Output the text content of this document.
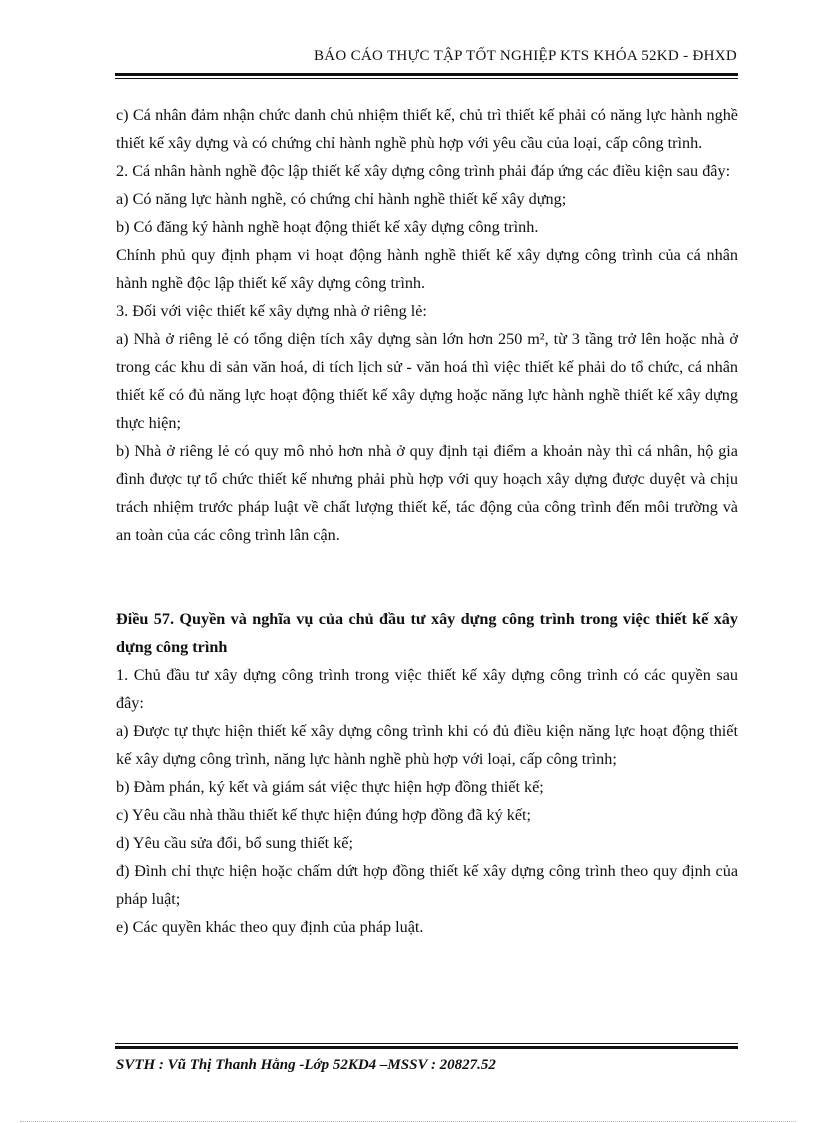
BÁO CÁO THỰC TẬP TỐT NGHIỆP KTS KHÓA 52KD - ĐHXD

c) Cá nhân đảm nhận chức danh chủ nhiệm thiết kế, chủ trì thiết kế phải có năng lực hành nghề thiết kế xây dựng và có chứng chỉ hành nghề phù hợp với yêu cầu của loại, cấp công trình.

2. Cá nhân hành nghề độc lập thiết kế xây dựng công trình phải đáp ứng các điều kiện sau đây:

a) Có năng lực hành nghề, có chứng chỉ hành nghề thiết kế xây dựng;

b) Có đăng ký hành nghề hoạt động thiết kế xây dựng công trình.

Chính phủ quy định phạm vi hoạt động hành nghề thiết kế xây dựng công trình của cá nhân hành nghề độc lập thiết kế xây dựng công trình.

3. Đối với việc thiết kế xây dựng nhà ở riêng lẻ:

a) Nhà ở riêng lẻ có tổng diện tích xây dựng sàn lớn hơn 250 m², từ 3 tầng trở lên hoặc nhà ở trong các khu di sản văn hoá, di tích lịch sử - văn hoá thì việc thiết kế phải do tổ chức, cá nhân thiết kế có đủ năng lực hoạt động thiết kế xây dựng hoặc năng lực hành nghề thiết kế xây dựng thực hiện;

b) Nhà ở riêng lẻ có quy mô nhỏ hơn nhà ở quy định tại điểm a khoản này thì cá nhân, hộ gia đình được tự tổ chức thiết kế nhưng phải phù hợp với quy hoạch xây dựng được duyệt và chịu trách nhiệm trước pháp luật về chất lượng thiết kế, tác động của công trình đến môi trường và an toàn của các công trình lân cận.

Điều 57. Quyền và nghĩa vụ của chủ đầu tư xây dựng công trình trong việc thiết kế xây dựng công trình

1. Chủ đầu tư xây dựng công trình trong việc thiết kế xây dựng công trình có các quyền sau đây:

a) Được tự thực hiện thiết kế xây dựng công trình khi có đủ điều kiện năng lực hoạt động thiết kế xây dựng công trình, năng lực hành nghề phù hợp với loại, cấp công trình;

b) Đàm phán, ký kết và giám sát việc thực hiện hợp đồng thiết kế;

c) Yêu cầu nhà thầu thiết kế thực hiện đúng hợp đồng đã ký kết;

d) Yêu cầu sửa đổi, bổ sung thiết kế;

đ) Đình chỉ thực hiện hoặc chấm dứt hợp đồng thiết kế xây dựng công trình theo quy định của pháp luật;

e) Các quyền khác theo quy định của pháp luật.

SVTH : Vũ Thị Thanh Hằng -Lớp 52KD4 –MSSV : 20827.52
